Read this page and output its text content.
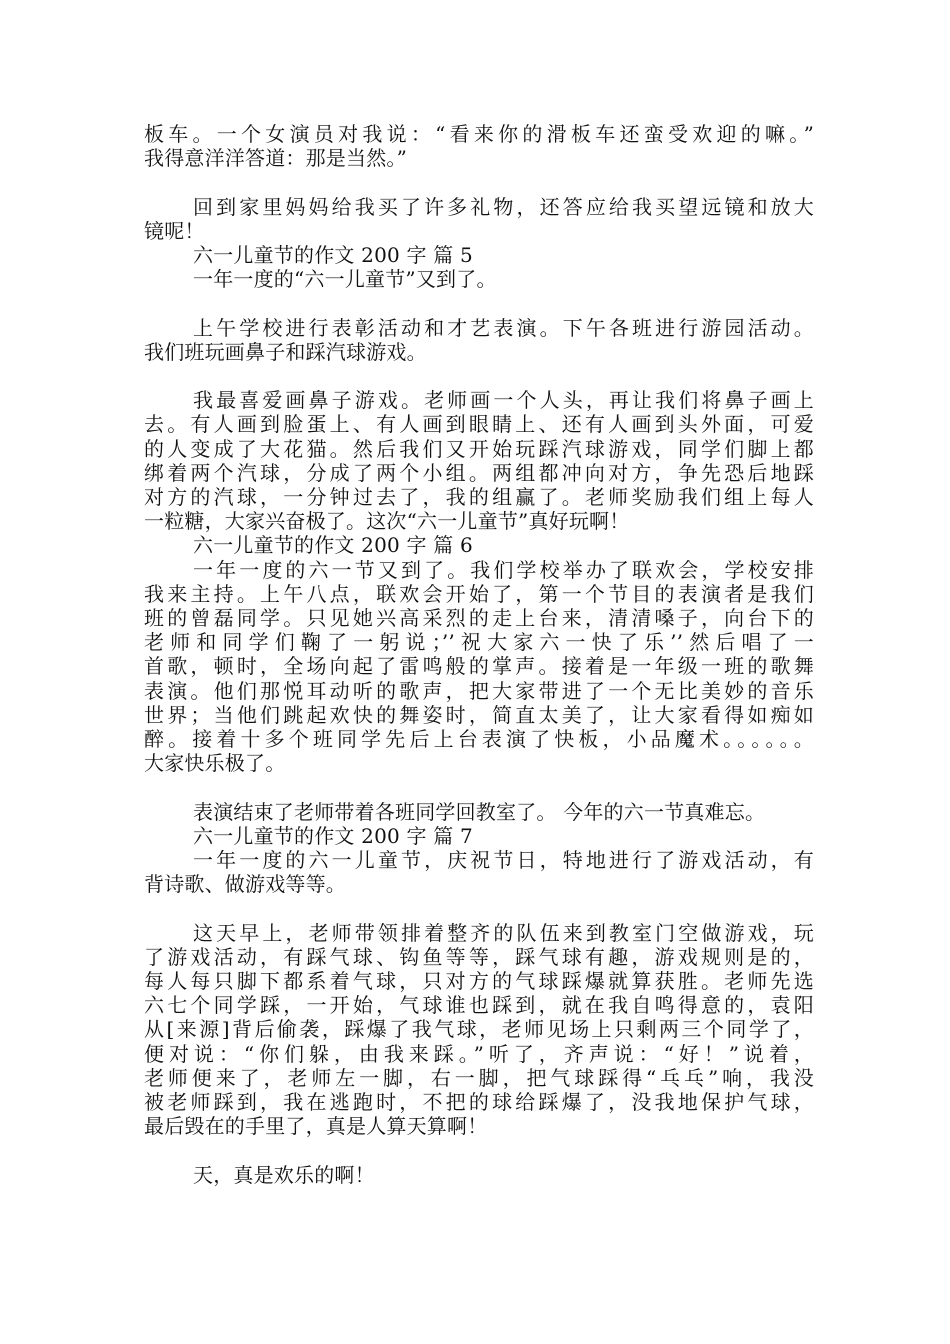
板车。一个女演员对我说：“看来你的滑板车还蛮受欢迎的嘛。”
我得意洋洋答道：那是当然。”
回到家里妈妈给我买了许多礼物，还答应给我买望远镜和放大
镜呢！
六一儿童节的作文 200 字 篇 5
一年一度的“六一儿童节”又到了。
上午学校进行表彰活动和才艺表演。下午各班进行游园活动。
我们班玩画鼻子和踩汽球游戏。
我最喜爱画鼻子游戏。老师画一个人头，再让我们将鼻子画上
去。有人画到脸蛋上、有人画到眼睛上、还有人画到头外面，可爱
的人变成了大花猫。然后我们又开始玩踩汽球游戏，同学们脚上都
绑着两个汽球，分成了两个小组。两组都冲向对方，争先恐后地踩
对方的汽球，一分钟过去了，我的组赢了。老师奖励我们组上每人
一粒糖，大家兴奋极了。这次“六一儿童节”真好玩啊！
六一儿童节的作文 200 字 篇 6
一年一度的六一节又到了。我们学校举办了联欢会，学校安排
我来主持。上午八点，联欢会开始了，第一个节目的表演者是我们
班的曾磊同学。只见她兴高采烈的走上台来，清清嗓子，向台下的
老师和同学们鞠了一躬说；’’祝大家六一快了乐’’然后唱了一
首歌，顿时，全场向起了雷鸣般的掌声。接着是一年级一班的歌舞
表演。他们那悦耳动听的歌声，把大家带进了一个无比美妙的音乐
世界；当他们跳起欢快的舞姿时，简直太美了，让大家看得如痴如
醉。接着十多个班同学先后上台表演了快板，小品魔术。。。。。。
大家快乐极了。
表演结束了老师带着各班同学回教室了。 今年的六一节真难忘。
六一儿童节的作文 200 字 篇 7
一年一度的六一儿童节，庆祝节日，特地进行了游戏活动，有
背诗歌、做游戏等等。
这天早上，老师带领排着整齐的队伍来到教室门空做游戏，玩
了游戏活动，有踩气球、钩鱼等等，踩气球有趣，游戏规则是的，
每人每只脚下都系着气球，只对方的气球踩爆就算获胜。老师先选
六七个同学踩，一开始，气球谁也踩到，就在我自鸣得意的，袁阳
从[来源]背后偷袭，踩爆了我气球，老师见场上只剩两三个同学了，
便对说：“你们躲，由我来踩。”听了，齐声说：“好！”说着，
老师便来了，老师左一脚，右一脚，把气球踩得“乓乓”响，我没
被老师踩到，我在逃跑时，不把的球给踩爆了，没我地保护气球，
最后毁在的手里了，真是人算天算啊！
天，真是欢乐的啊！
